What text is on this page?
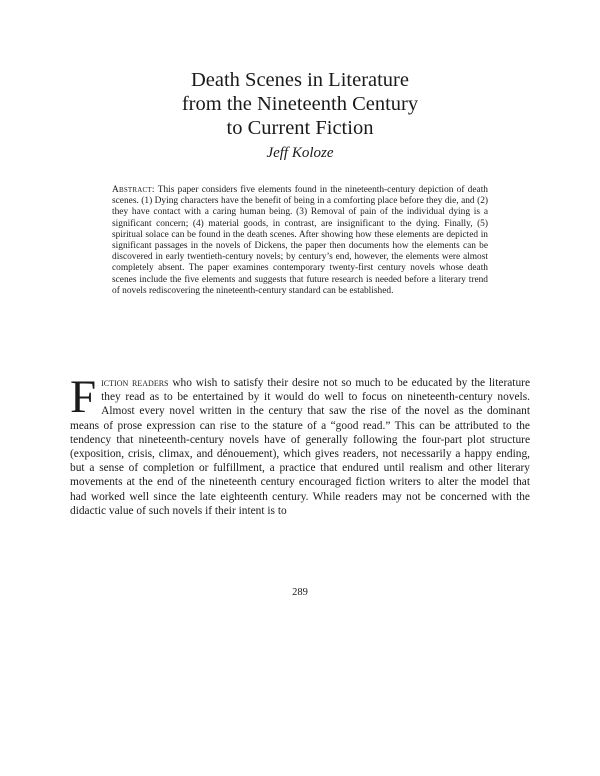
Death Scenes in Literature
from the Nineteenth Century
to Current Fiction
Jeff Koloze
Abstract: This paper considers five elements found in the nineteenth-century depiction of death scenes. (1) Dying characters have the benefit of being in a comforting place before they die, and (2) they have contact with a caring human being. (3) Removal of pain of the individual dying is a significant concern; (4) material goods, in contrast, are insignificant to the dying. Finally, (5) spiritual solace can be found in the death scenes. After showing how these elements are depicted in significant passages in the novels of Dickens, the paper then documents how the elements can be discovered in early twentieth-century novels; by century’s end, however, the elements were almost completely absent. The paper examines contemporary twenty-first century novels whose death scenes include the five elements and suggests that future research is needed before a literary trend of novels rediscovering the nineteenth-century standard can be established.
Fiction readers who wish to satisfy their desire not so much to be educated by the literature they read as to be entertained by it would do well to focus on nineteenth-century novels. Almost every novel written in the century that saw the rise of the novel as the dominant means of prose expression can rise to the stature of a “good read.” This can be attributed to the tendency that nineteenth-century novels have of generally following the four-part plot structure (exposition, crisis, climax, and dénouement), which gives readers, not necessarily a happy ending, but a sense of completion or fulfillment, a practice that endured until realism and other literary movements at the end of the nineteenth century encouraged fiction writers to alter the model that had worked well since the late eighteenth century. While readers may not be concerned with the didactic value of such novels if their intent is to
289
